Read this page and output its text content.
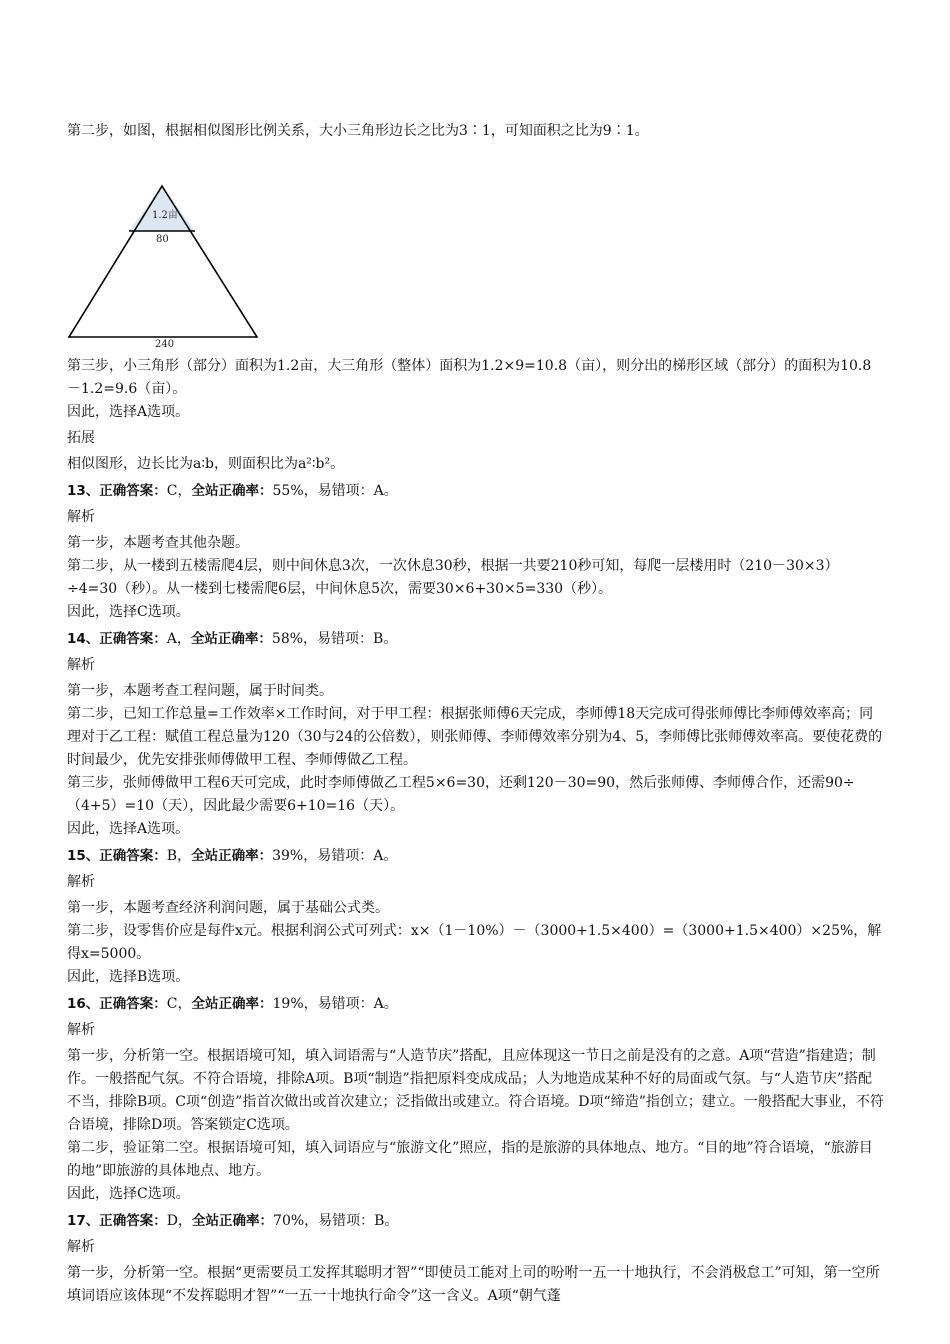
第二步，如图，根据相似图形比例关系，大小三角形边长之比为3∶1，可知面积之比为9∶1。

1.2亩
80
240

第三步，小三角形（部分）面积为1.2亩，大三角形（整体）面积为1.2×9=10.8（亩），则分出的梯形区域（部分）的面积为10.8－1.2=9.6（亩）。

因此，选择A选项。

拓展

相似图形，边长比为a∶b，则面积比为a²∶b²。

13、正确答案：C，全站正确率：55%，易错项：A。

解析

第一步，本题考查其他杂题。

第二步，从一楼到五楼需爬4层，则中间休息3次，一次休息30秒，根据一共要210秒可知，每爬一层楼用时（210－30×3）÷4=30（秒）。从一楼到七楼需爬6层，中间休息5次，需要30×6+30×5=330（秒）。

因此，选择C选项。

14、正确答案：A，全站正确率：58%，易错项：B。

解析

第一步，本题考查工程问题，属于时间类。

第二步，已知工作总量=工作效率×工作时间，对于甲工程：根据张师傅6天完成，李师傅18天完成可得张师傅比李师傅效率高；同理对于乙工程：赋值工程总量为120（30与24的公倍数），则张师傅、李师傅效率分别为4、5，李师傅比张师傅效率高。要使花费的时间最少，优先安排张师傅做甲工程、李师傅做乙工程。

第三步，张师傅做甲工程6天可完成，此时李师傅做乙工程5×6=30，还剩120－30=90，然后张师傅、李师傅合作，还需90÷（4+5）=10（天），因此最少需要6+10=16（天）。

因此，选择A选项。

15、正确答案：B，全站正确率：39%，易错项：A。

解析

第一步，本题考查经济利润问题，属于基础公式类。

第二步，设零售价应是每件x元。根据利润公式可列式：x×（1－10%）－（3000+1.5×400）=（3000+1.5×400）×25%，解得x=5000。

因此，选择B选项。

16、正确答案：C，全站正确率：19%，易错项：A。

解析

第一步，分析第一空。根据语境可知，填入词语需与“人造节庆”搭配，且应体现这一节日之前是没有的之意。A项“营造”指建造；制作。一般搭配气氛。不符合语境，排除A项。B项“制造”指把原料变成成品；人为地造成某种不好的局面或气氛。与“人造节庆”搭配不当，排除B项。C项“创造”指首次做出或首次建立；泛指做出或建立。符合语境。D项“缔造”指创立；建立。一般搭配大事业，不符合语境，排除D项。答案锁定C选项。

第二步，验证第二空。根据语境可知，填入词语应与“旅游文化”照应，指的是旅游的具体地点、地方。“目的地”符合语境，“旅游目的地”即旅游的具体地点、地方。

因此，选择C选项。

17、正确答案：D，全站正确率：70%，易错项：B。

解析

第一步，分析第一空。根据“更需要员工发挥其聪明才智”“即使员工能对上司的吩咐一五一十地执行，不会消极怠工”可知，第一空所填词语应该体现“不发挥聪明才智”“一五一十地执行命令”这一含义。A项“朝气蓬
